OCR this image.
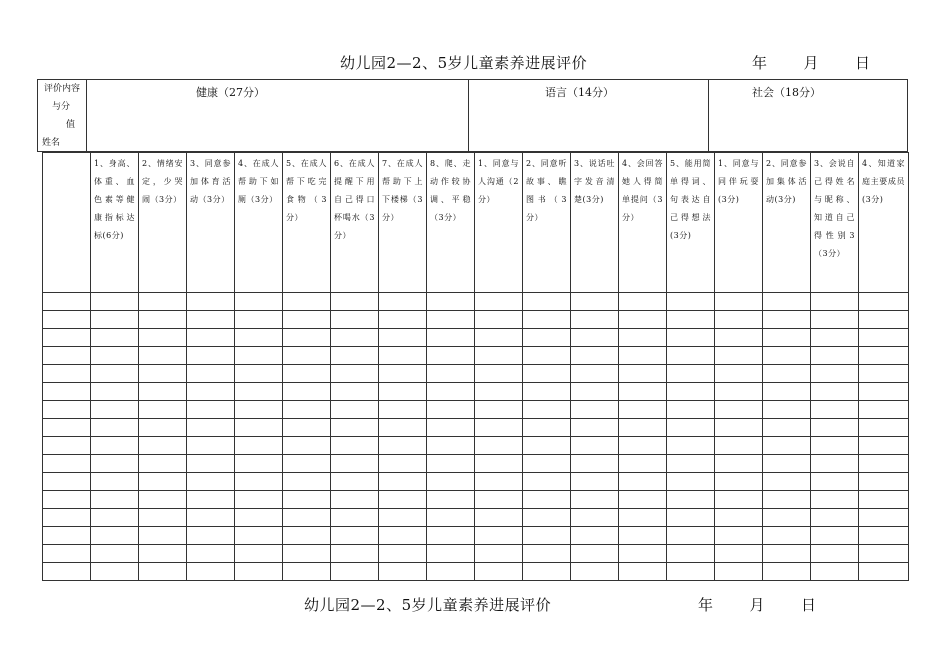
幼儿园2—2、5岁儿童素养进展评价	年 月 日
评价内容
与分
值
姓名
健康（27分）	语言（14分）	社会（18分）

	1、身高、体重、血色素等健康指标达标(6分)	2、情绪安定，少哭闹（3分）	3、同意参加体育活动（3分）	4、在成人帮助下如厕（3分）	5、在成人帮下吃完食物（3分）	6、在成人提醒下用自己得口杯喝水（3分）	7、在成人帮助下上下楼梯（3分）	8、爬、走动作较协调、平稳（3分）	1、同意与人沟通（2分）	2、同意听故事、瞧图书（3分）	3、说话吐字发音清楚(3分)	4、会回答她人得简单提问（3分）	5、能用简单得词、句表达自己得想法(3分)	1、同意与同伴玩耍(3分)	2、同意参加集体活动(3分)	3、会说自己得姓名与昵称、知道自己得性别3（3分）	4、知道家庭主要成员(3分)

幼儿园2—2、5岁儿童素养进展评价	年 月 日
